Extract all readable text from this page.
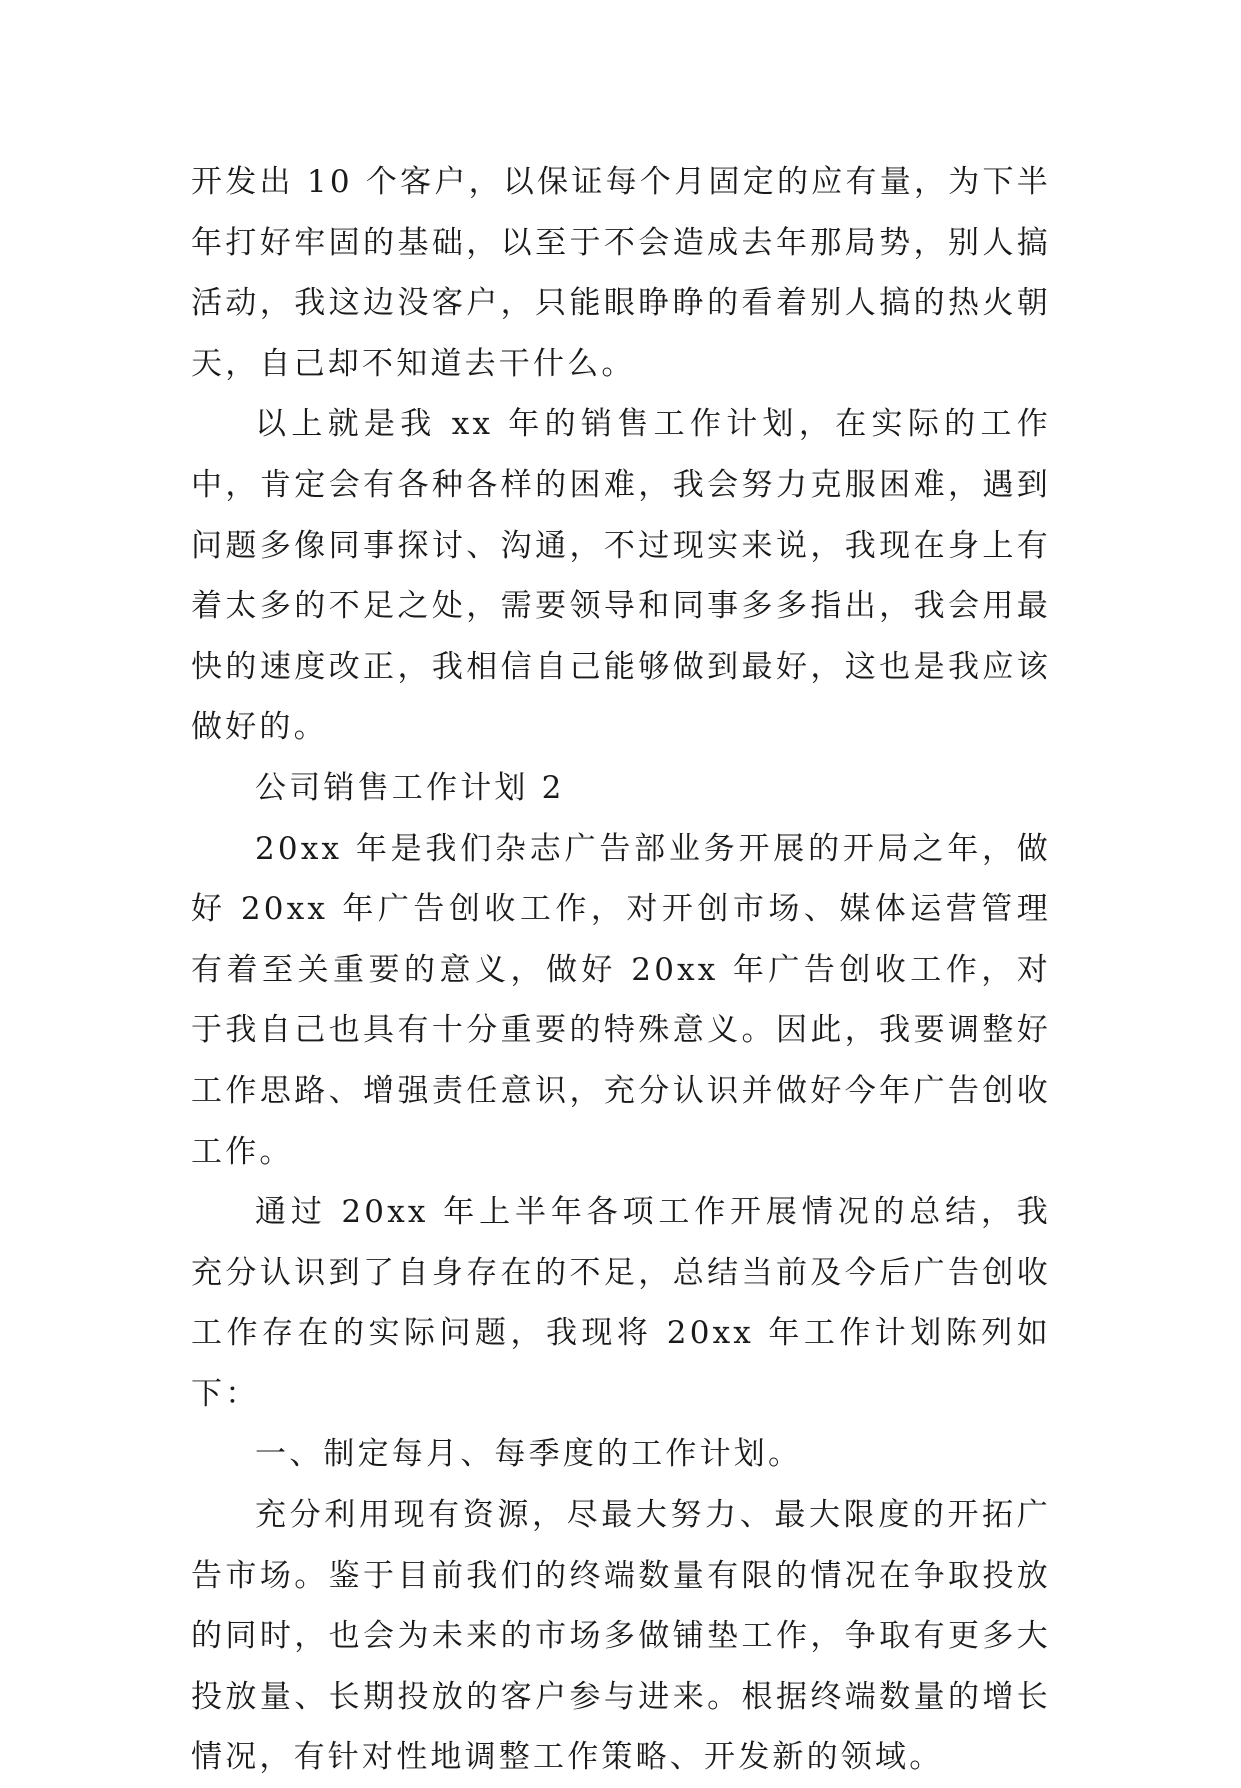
开发出 10 个客户，以保证每个月固定的应有量，为下半年打好牢固的基础，以至于不会造成去年那局势，别人搞活动，我这边没客户，只能眼睁睁的看着别人搞的热火朝天，自己却不知道去干什么。

以上就是我 xx 年的销售工作计划，在实际的工作中，肯定会有各种各样的困难，我会努力克服困难，遇到问题多像同事探讨、沟通，不过现实来说，我现在身上有着太多的不足之处，需要领导和同事多多指出，我会用最快的速度改正，我相信自己能够做到最好，这也是我应该做好的。

公司销售工作计划 2

20xx 年是我们杂志广告部业务开展的开局之年，做好 20xx 年广告创收工作，对开创市场、媒体运营管理有着至关重要的意义，做好 20xx 年广告创收工作，对于我自己也具有十分重要的特殊意义。因此，我要调整好工作思路、增强责任意识，充分认识并做好今年广告创收工作。

通过 20xx 年上半年各项工作开展情况的总结，我充分认识到了自身存在的不足，总结当前及今后广告创收工作存在的实际问题，我现将 20xx 年工作计划陈列如下：

一、制定每月、每季度的工作计划。

充分利用现有资源，尽最大努力、最大限度的开拓广告市场。鉴于目前我们的终端数量有限的情况在争取投放的同时，也会为未来的市场多做铺垫工作，争取有更多大投放量、长期投放的客户参与进来。根据终端数量的增长情况，有针对性地调整工作策略、开发新的领域。
